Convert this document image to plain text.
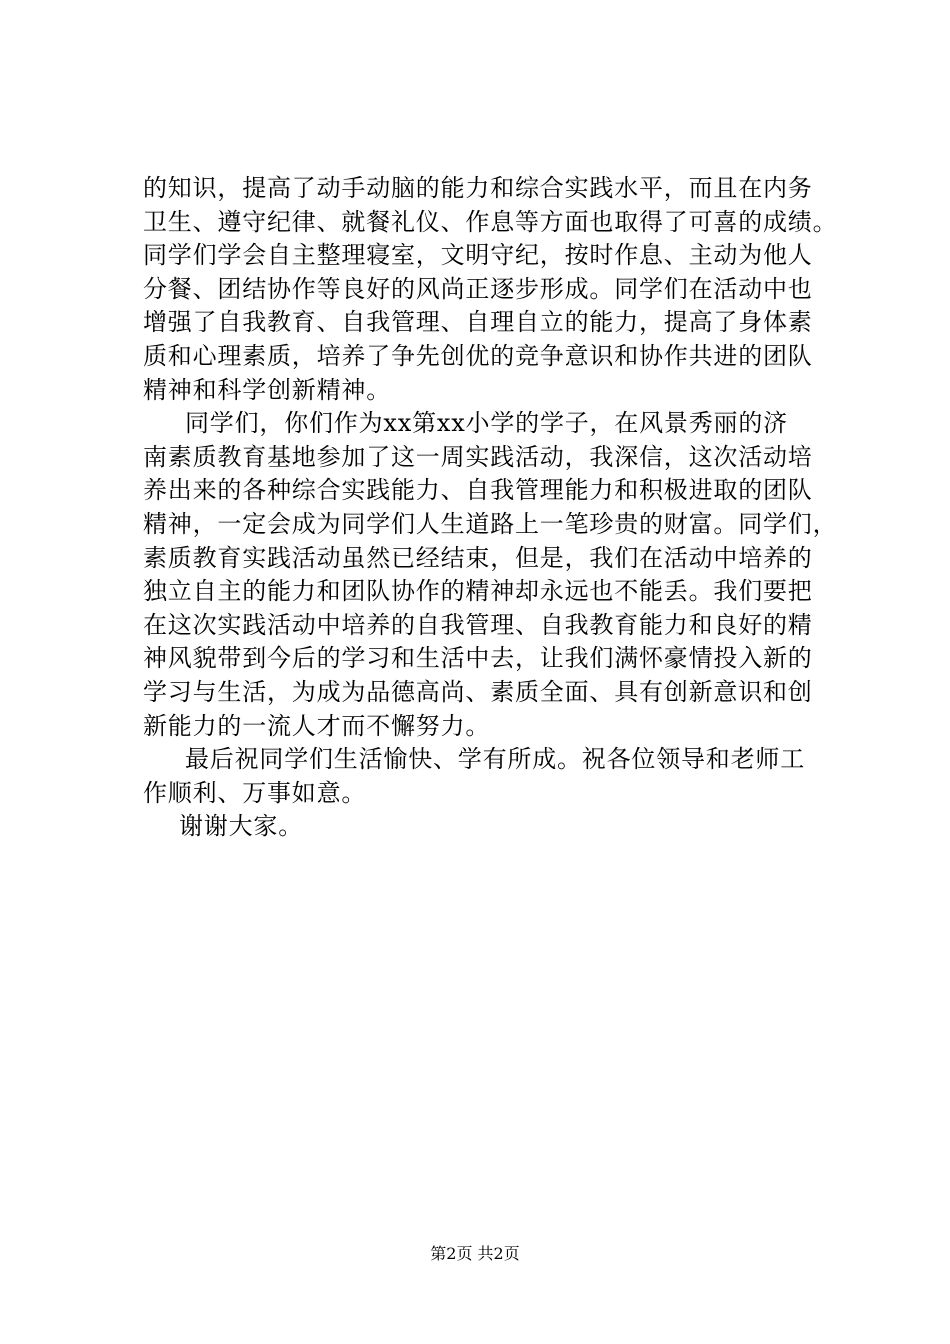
的知识，提高了动手动脑的能力和综合实践水平，而且在内务
卫生、遵守纪律、就餐礼仪、作息等方面也取得了可喜的成绩。
同学们学会自主整理寝室，文明守纪，按时作息、主动为他人
分餐、团结协作等良好的风尚正逐步形成。同学们在活动中也
增强了自我教育、自我管理、自理自立的能力，提高了身体素
质和心理素质，培养了争先创优的竞争意识和协作共进的团队
精神和科学创新精神。
同学们，你们作为xx第xx小学的学子，在风景秀丽的济
南素质教育基地参加了这一周实践活动，我深信，这次活动培
养出来的各种综合实践能力、自我管理能力和积极进取的团队
精神，一定会成为同学们人生道路上一笔珍贵的财富。同学们，
素质教育实践活动虽然已经结束，但是，我们在活动中培养的
独立自主的能力和团队协作的精神却永远也不能丢。我们要把
在这次实践活动中培养的自我管理、自我教育能力和良好的精
神风貌带到今后的学习和生活中去，让我们满怀豪情投入新的
学习与生活，为成为品德高尚、素质全面、具有创新意识和创
新能力的一流人才而不懈努力。
最后祝同学们生活愉快、学有所成。祝各位领导和老师工
作顺利、万事如意。
谢谢大家。
第2页 共2页
